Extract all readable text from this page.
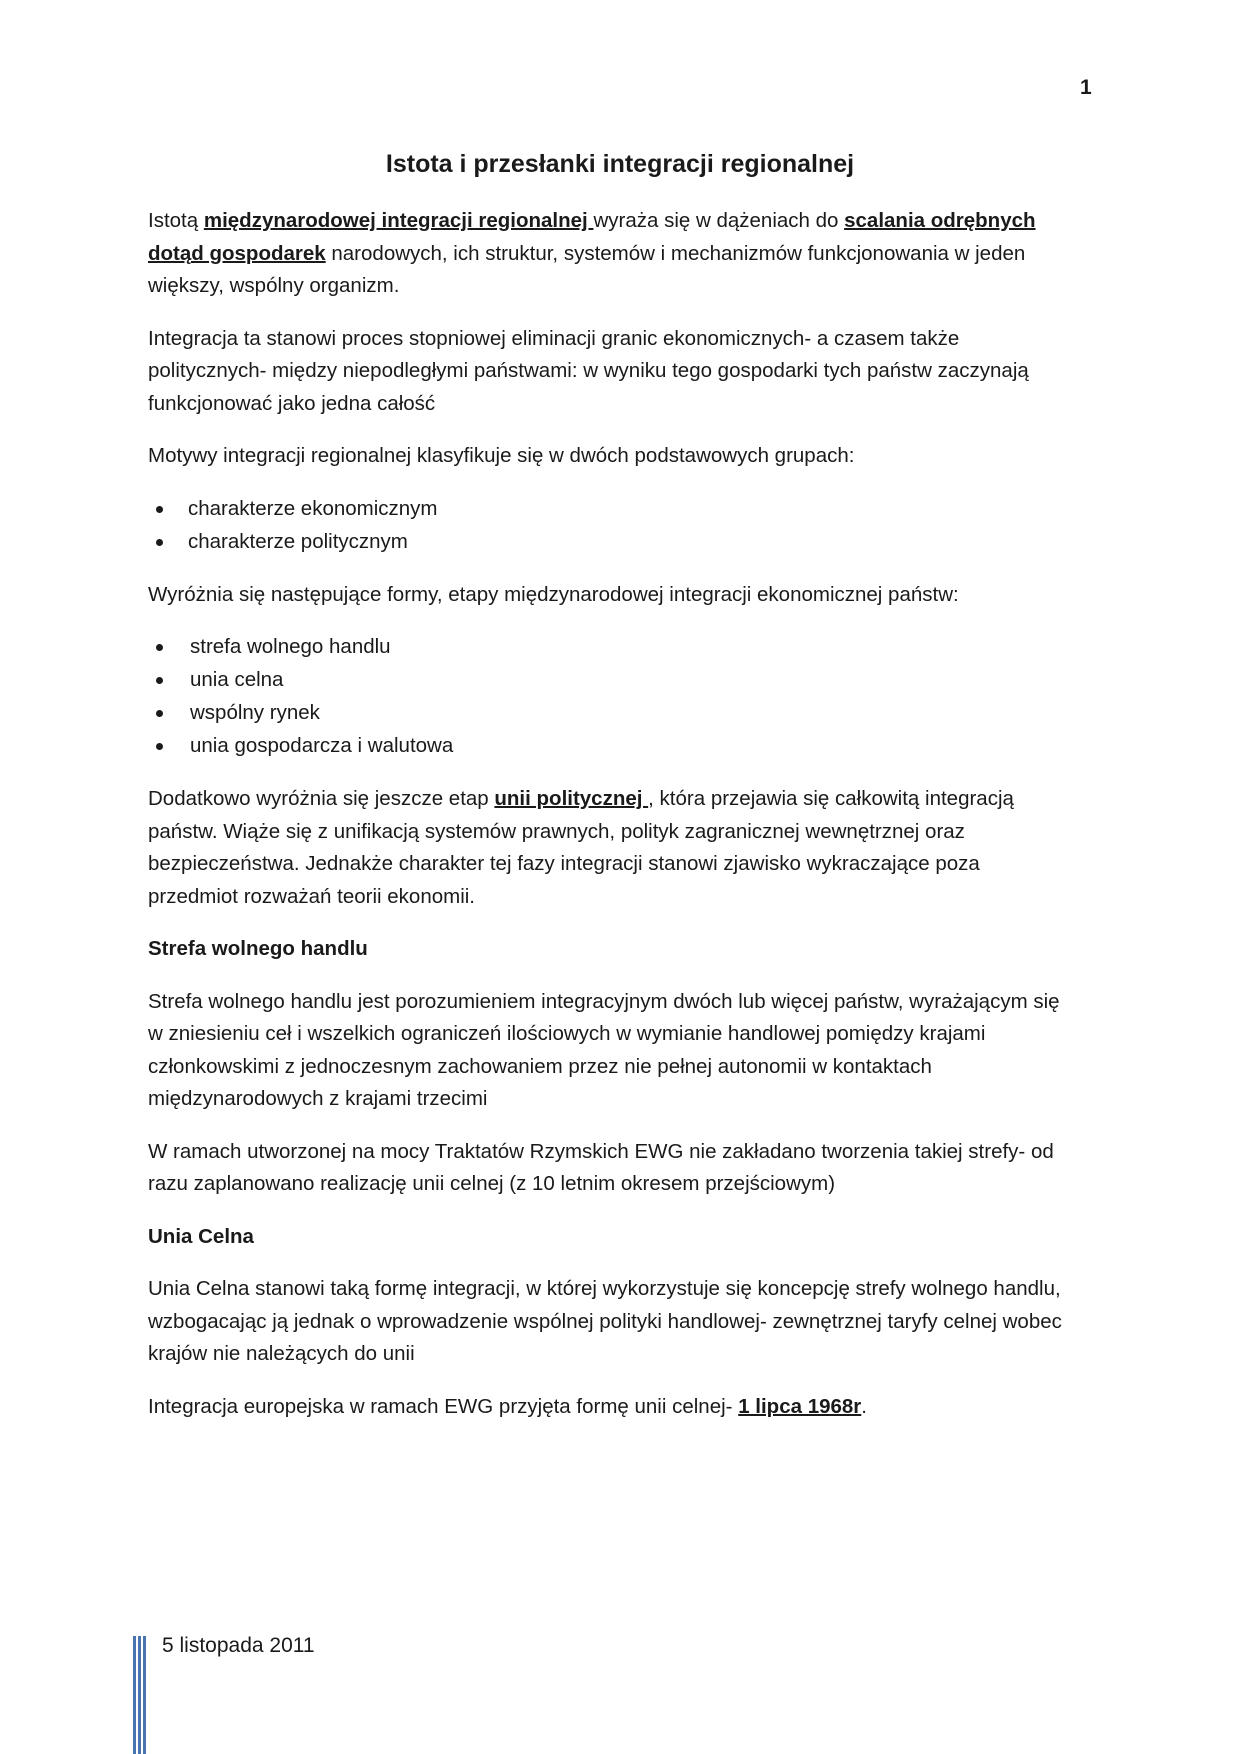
1
Istota i przesłanki integracji regionalnej

Istotą międzynarodowej integracji regionalnej wyraża się w dążeniach do scalania odrębnych dotąd gospodarek narodowych, ich struktur, systemów i mechanizmów funkcjonowania w jeden większy, wspólny organizm.

Integracja ta stanowi proces stopniowej eliminacji granic ekonomicznych- a czasem także politycznych- między niepodległymi państwami: w wyniku tego gospodarki tych państw zaczynają funkcjonować jako jedna całość

Motywy integracji regionalnej klasyfikuje się w dwóch podstawowych grupach:

charakterze ekonomicznym
charakterze politycznym

Wyróżnia się następujące formy, etapy międzynarodowej integracji ekonomicznej państw:

strefa wolnego handlu
unia celna
wspólny rynek
unia gospodarcza i walutowa

Dodatkowo wyróżnia się jeszcze etap unii politycznej , która przejawia się całkowitą integracją państw. Wiąże się z unifikacją systemów prawnych, polityk zagranicznej wewnętrznej oraz bezpieczeństwa. Jednakże charakter tej fazy integracji stanowi zjawisko wykraczające poza przedmiot rozważań teorii ekonomii.

Strefa wolnego handlu

Strefa wolnego handlu jest porozumieniem integracyjnym dwóch lub więcej państw, wyrażającym się w zniesieniu ceł i wszelkich ograniczeń ilościowych w wymianie handlowej pomiędzy krajami członkowskimi z jednoczesnym zachowaniem przez nie pełnej autonomii w kontaktach międzynarodowych z krajami trzecimi

W ramach utworzonej na mocy Traktatów Rzymskich EWG nie zakładano tworzenia takiej strefy- od razu zaplanowano realizację unii celnej (z 10 letnim okresem przejściowym)

Unia Celna

Unia Celna stanowi taką formę integracji, w której wykorzystuje się koncepcję strefy wolnego handlu, wzbogacając ją jednak o wprowadzenie wspólnej polityki handlowej- zewnętrznej taryfy celnej wobec krajów nie należących do unii

Integracja europejska w ramach EWG przyjęta formę unii celnej- 1 lipca 1968r.

5 listopada 2011
